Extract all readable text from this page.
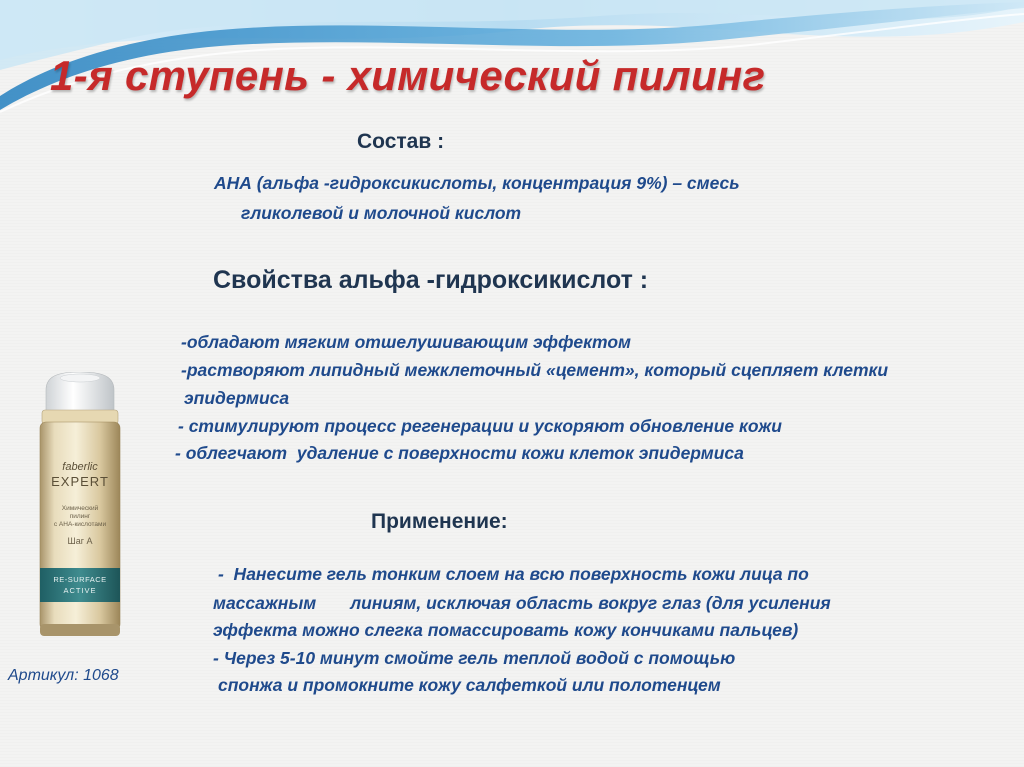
1-я ступень - химический пилинг
Состав :
АНА (альфа -гидроксикислоты, концентрация 9%) – смесь
гликолевой и молочной кислот
Свойства альфа -гидроксикислот :
-обладают мягким отшелушивающим эффектом
-растворяют липидный межклеточный «цемент», который сцепляет клетки
эпидермиса
- стимулируют процесс регенерации и ускоряют обновление кожи
- облегчают  удаление с поверхности кожи клеток эпидермиса
Применение:
-  Нанесите гель тонким слоем на всю поверхность кожи лица по
массажным       линиям, исключая область вокруг глаз (для усиления
эффекта можно слегка помассировать кожу кончиками пальцев)
- Через 5-10 минут смойте гель теплой водой с помощью
спонжа и промокните кожу салфеткой или полотенцем
faberlic
EXPERT
Химический
пилинг
с АНА-кислотами
Шаг А
RE-SURFACE
ACTIVE
Артикул: 1068
